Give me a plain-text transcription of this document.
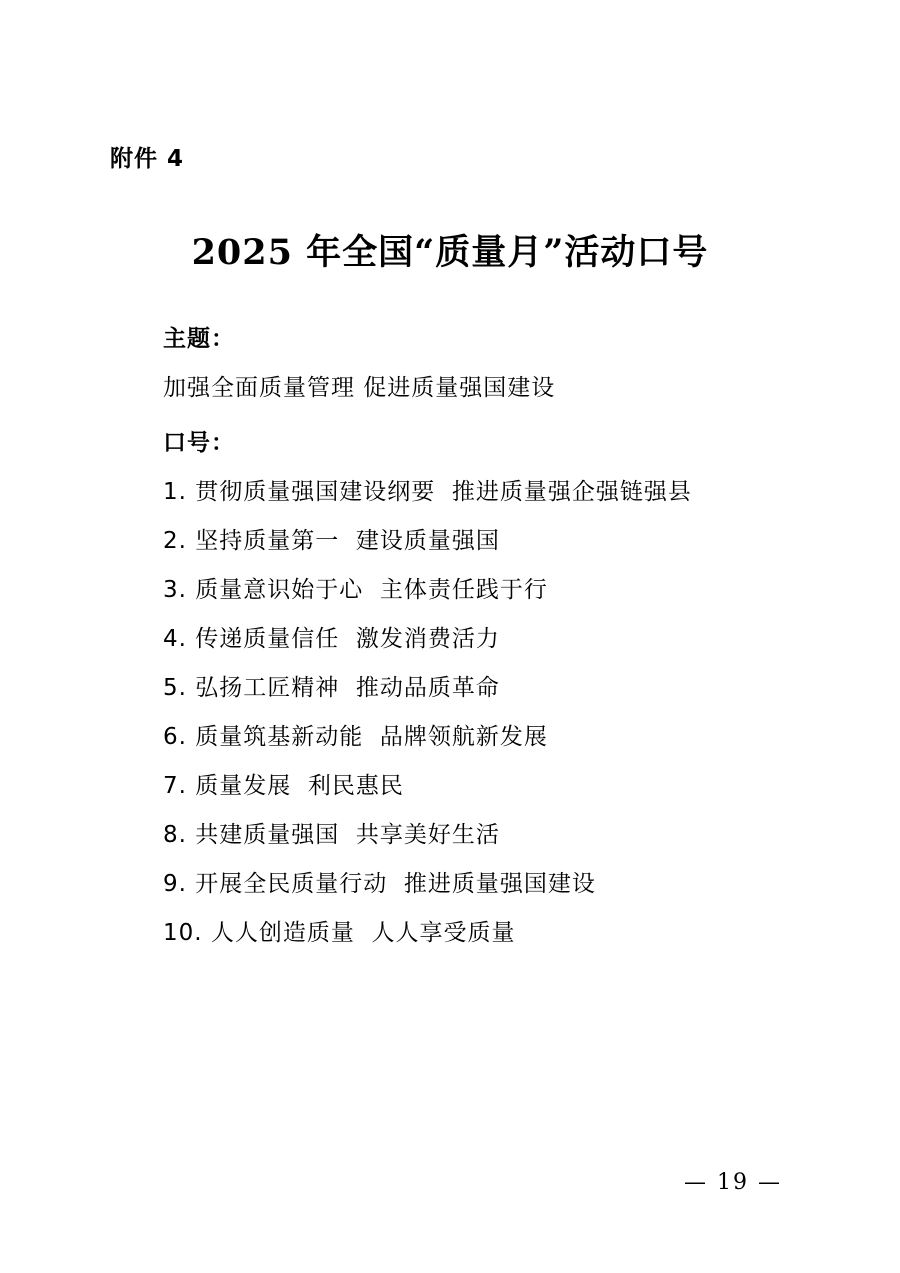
附件 4
2025 年全国“质量月”活动口号

主题：

加强全面质量管理 促进质量强国建设

口号：

1. 贯彻质量强国建设纲要  推进质量强企强链强县
2. 坚持质量第一  建设质量强国
3. 质量意识始于心  主体责任践于行
4. 传递质量信任  激发消费活力
5. 弘扬工匠精神  推动品质革命
6. 质量筑基新动能  品牌领航新发展
7. 质量发展  利民惠民
8. 共建质量强国  共享美好生活
9. 开展全民质量行动  推进质量强国建设
10. 人人创造质量  人人享受质量
— 19 —
